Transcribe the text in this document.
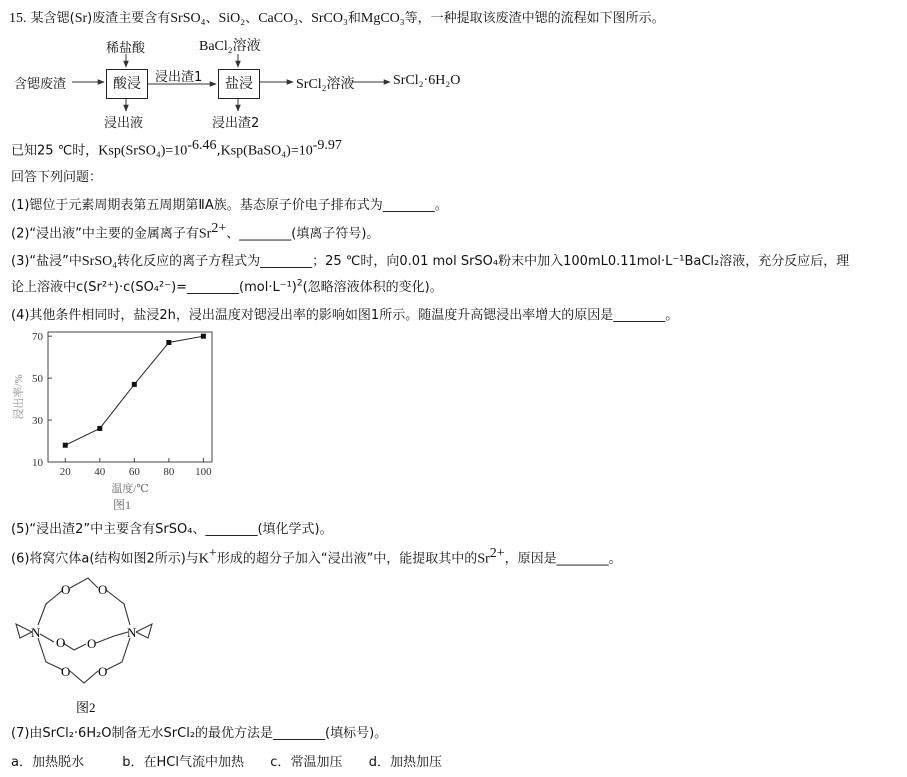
15. 某含锶(Sr)废渣主要含有SrSO₄、SiO₂、CaCO₃、SrCO₃和MgCO₃等，一种提取该废渣中锶的流程如下图所示。
稀盐酸	BaCl₂溶液
含锶废渣	酸浸	浸出渣1	盐浸	SrCl₂溶液	SrCl₂·6H₂O
浸出液	浸出渣2
已知25 ℃时，$Ksp(SrSO_4)=10^{-6.46},Ksp(BaSO_4)=10^{-9.97}$
回答下列问题：
(1)锶位于元素周期表第五周期第ⅡA族。基态原子价电子排布式为________。
(2)“浸出液”中主要的金属离子有$Sr^{2+}$、________(填离子符号)。
(3)“盐浸”中SrSO₄转化反应的离子方程式为________；25 ℃时，向0.01 mol SrSO₄粉末中加入100mL0.11mol·L⁻¹BaCl₂溶液，充分反应后，理
论上溶液中$c(Sr^{2+})\cdot c(SO_4^{2-})=\_\_\_\_\_\_\_\_(mol\cdot L^{-1})^2$(忽略溶液体积的变化)。
(4)其他条件相同时，盐浸2h，浸出温度对锶浸出率的影响如图1所示。随温度升高锶浸出率增大的原因是________。
10
30
50
70
20 40 60 80 100
温度/℃
浸出率/%
图1
(5)“浸出渣2”中主要含有SrSO₄、________(填化学式)。
(6)将窝穴体a(结构如图2所示)与K+形成的超分子加入“浸出液”中，能提取其中的$Sr^{2+}$，原因是________。
O O
O O
O O
N	N
图2
(7)由SrCl₂·6H₂O制备无水SrCl₂的最优方法是________(填标号)。
a．加热脱水	b．在HCl气流中加热 c．常温加压 d．加热加压
